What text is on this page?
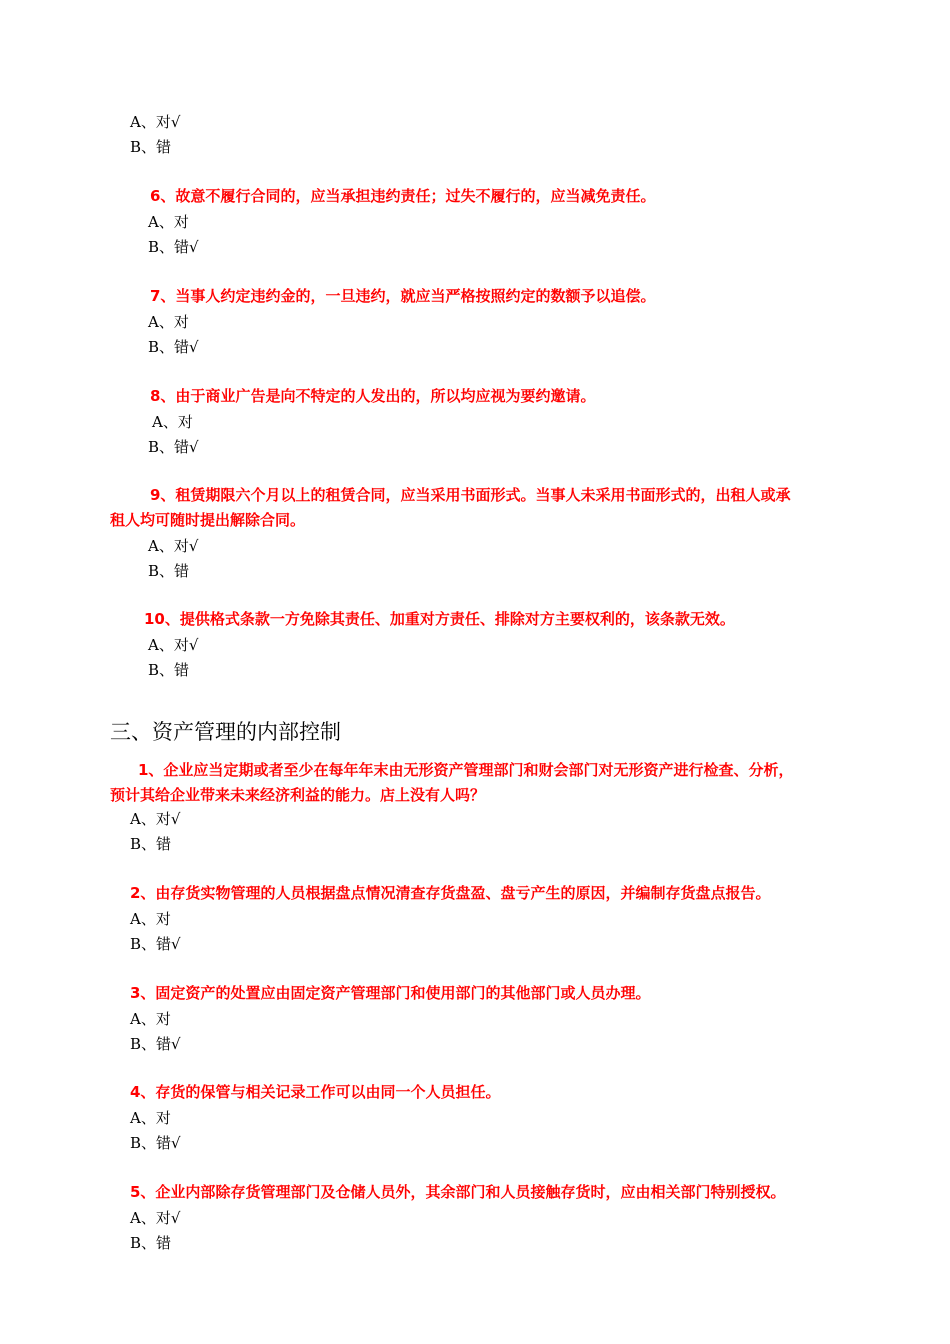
A、对√
B、错
6、故意不履行合同的，应当承担违约责任；过失不履行的，应当减免责任。
A、对
B、错√
7、当事人约定违约金的，一旦违约，就应当严格按照约定的数额予以追偿。
A、对
B、错√
8、由于商业广告是向不特定的人发出的，所以均应视为要约邀请。
A、对
B、错√
9、租赁期限六个月以上的租赁合同，应当采用书面形式。当事人未采用书面形式的，出租人或承
租人均可随时提出解除合同。
A、对√
B、错
10、提供格式条款一方免除其责任、加重对方责任、排除对方主要权利的，该条款无效。
A、对√
B、错
三、资产管理的内部控制
1、企业应当定期或者至少在每年年末由无形资产管理部门和财会部门对无形资产进行检查、分析，
预计其给企业带来未来经济利益的能力。店上没有人吗？
A、对√
B、错
2、由存货实物管理的人员根据盘点情况清查存货盘盈、盘亏产生的原因，并编制存货盘点报告。
A、对
B、错√
3、固定资产的处置应由固定资产管理部门和使用部门的其他部门或人员办理。
A、对
B、错√
4、存货的保管与相关记录工作可以由同一个人员担任。
A、对
B、错√
5、企业内部除存货管理部门及仓储人员外，其余部门和人员接触存货时，应由相关部门特别授权。
A、对√
B、错
